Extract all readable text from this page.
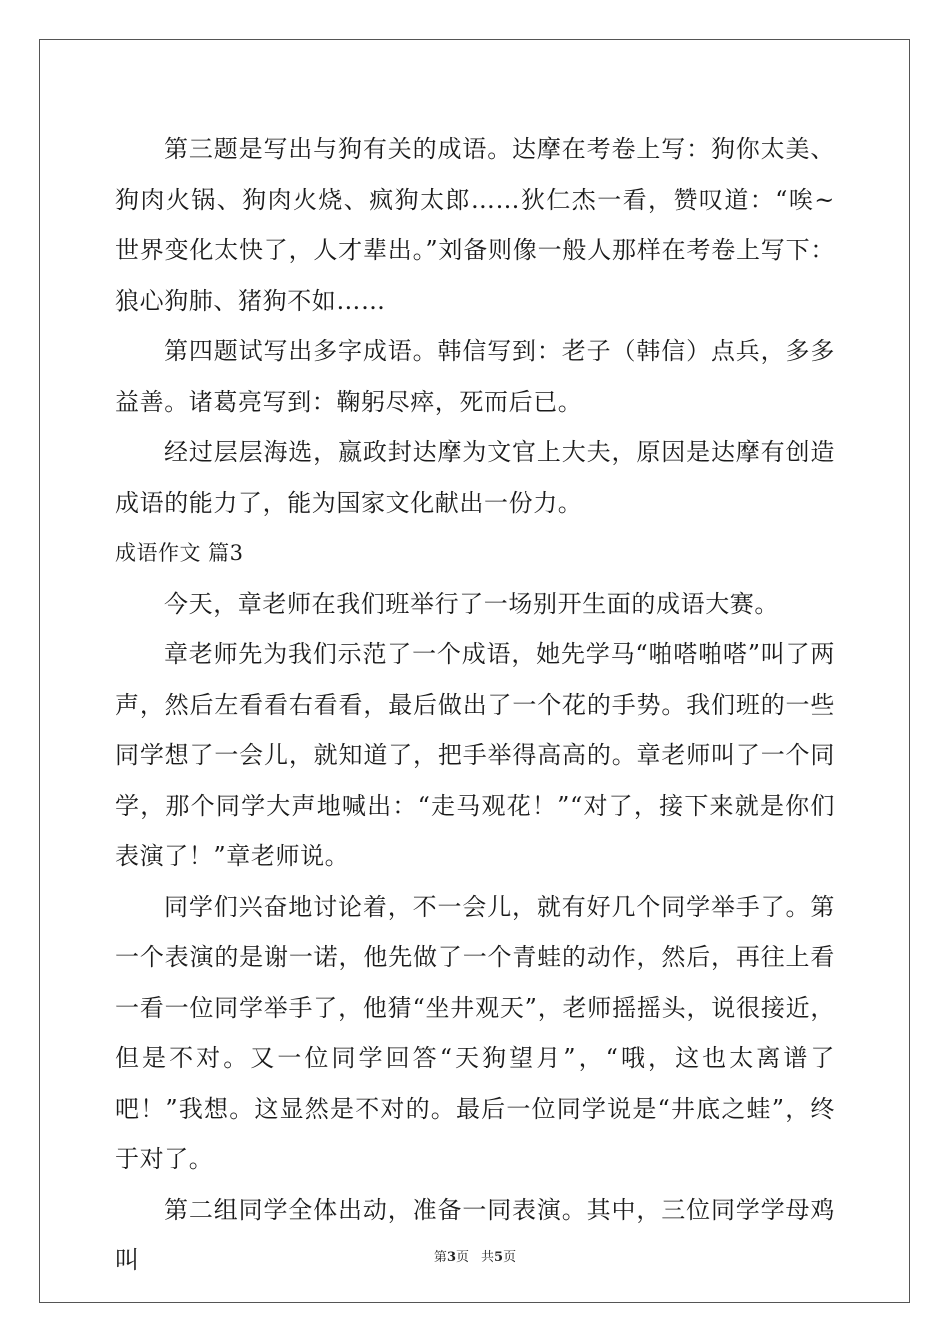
第三题是写出与狗有关的成语。达摩在考卷上写：狗你太美、狗肉火锅、狗肉火烧、疯狗太郎……狄仁杰一看，赞叹道：“唉~世界变化太快了，人才辈出。”刘备则像一般人那样在考卷上写下：狼心狗肺、猪狗不如……

第四题试写出多字成语。韩信写到：老子（韩信）点兵，多多益善。诸葛亮写到：鞠躬尽瘁，死而后已。

经过层层海选，嬴政封达摩为文官上大夫，原因是达摩有创造成语的能力了，能为国家文化献出一份力。

成语作文 篇3

今天，章老师在我们班举行了一场别开生面的成语大赛。

章老师先为我们示范了一个成语，她先学马“啪嗒啪嗒”叫了两声，然后左看看右看看，最后做出了一个花的手势。我们班的一些同学想了一会儿，就知道了，把手举得高高的。章老师叫了一个同学，那个同学大声地喊出：“走马观花！”“对了，接下来就是你们表演了！”章老师说。

同学们兴奋地讨论着，不一会儿，就有好几个同学举手了。第一个表演的是谢一诺，他先做了一个青蛙的动作，然后，再往上看一看一位同学举手了，他猜“坐井观天”，老师摇摇头，说很接近，但是不对。又一位同学回答“天狗望月”，“哦，这也太离谱了吧！”我想。这显然是不对的。最后一位同学说是“井底之蛙”，终于对了。

第二组同学全体出动，准备一同表演。其中，三位同学学母鸡叫	第3页 共5页
